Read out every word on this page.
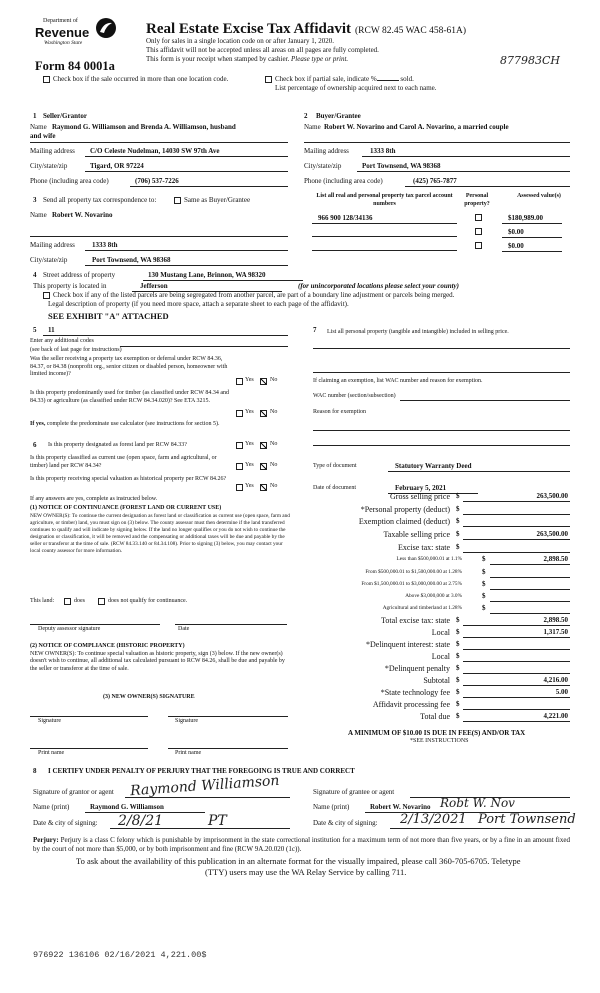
Department of
Revenue
Washington State
Form 84 0001a
Real Estate Excise Tax Affidavit (RCW 82.45 WAC 458-61A)
Only for sales in a single location code on or after January 1, 2020.
This affidavit will not be accepted unless all areas on all pages are fully completed.
This form is your receipt when stamped by cashier. Please type or print.	877983CH
Check box if the sale occurred in more than one location code.	Check box if partial sale, indicate %	sold.
List percentage of ownership acquired next to each name.
1 Seller/Grantor
Name Raymond G. Williamson and Brenda A. Williamson, husband
and wife
Mailing address C/O Celeste Nudelman, 14030 SW 97th Ave
City/state/zip	Tigard, OR 97224
Phone (including area code)	(706) 537-7226
2 Buyer/Grantee
Name Robert W. Novarino and Carol A. Novarino, a married couple
Mailing address	1333 8th
City/state/zip	Port Townsend, WA 98368
Phone (including area code)	(425) 765-7877
3 Send all property tax correspondence to:	Same as Buyer/Grantee
Name Robert W. Novarino
Mailing address 1333 8th
City/state/zip	Port Townsend, WA 98368
List all real and personal property tax parcel account numbers
Personal property?
Assessed value(s)
966 900 128/34136	$180,989.00
$0.00
$0.00
4 Street address of property	130 Mustang Lane, Brinnon, WA 98320
This property is located in	Jefferson	(for unincorporated locations please select your county)
Check box if any of the listed parcels are being segregated from another parcel, are part of a boundary line adjustment or parcels being merged.
Legal description of property (if you need more space, attach a separate sheet to each page of the affidavit).
SEE EXHIBIT "A" ATTACHED
5 11
Enter any additional codes
(see back of last page for instructions)
Was the seller receiving a property tax exemption or deferral under RCW 84.36, 84.37, or 84.38 (nonprofit org., senior citizen or disabled person, homeowner with limited income)?
Yes	No
Is this property predominantly used for timber (as classified under RCW 84.34 and 84.33) or agriculture (as classified under RCW 84.34.020)? See ETA 3215.
Yes	No
If yes, complete the predominate use calculator (see instructions for section 5).
6 Is this property designated as forest land per RCW 84.33?	Yes	No
Is this property classified as current use (open space, farm and agricultural, or timber) land per RCW 84.34?	Yes	No
Is this property receiving special valuation as historical property per RCW 84.26?
Yes	No
If any answers are yes, complete as instructed below.
(1) NOTICE OF CONTINUANCE (FOREST LAND OR CURRENT USE)
NEW OWNER(S): To continue the current designation as forest land or classification as current use (open space, farm and agriculture, or timber) land, you must sign on (3) below. The county assessor must then determine if the land transferred continues to qualify and will indicate by signing below. If the land no longer qualifies or you do not wish to continue the designation or classification, it will be removed and the compensating or additional taxes will be due and payable by the seller or transferor at the time of sale. (RCW 84.33.140 or 84.34.108). Prior to signing (3) below, you may contact your local county assessor for more information.
This land:	does	does not qualify for continuance.
Deputy assessor signature	Date
(2) NOTICE OF COMPLIANCE (HISTORIC PROPERTY)
NEW OWNER(S): To continue special valuation as historic property, sign (3) below. If the new owner(s) doesn't wish to continue, all additional tax calculated pursuant to RCW 84.26, shall be due and payable by the seller or transferor at the time of sale.
(3) NEW OWNER(S) SIGNATURE
Signature	Signature
Print name	Print name
7	List all personal property (tangible and intangible) included in selling price.
If claiming an exemption, list WAC number and reason for exemption.
WAC number (section/subsection)
Reason for exemption
Type of document	Statutory Warranty Deed
Date of document	February 5, 2021
Gross selling price $	263,500.00
*Personal property (deduct) $
Exemption claimed (deduct) $
Taxable selling price $	263,500.00
Excise tax: state $
Less than $500,000.01 at 1.1%	$	2,898.50
From $500,000.01 to $1,500,000.00 at 1.28%	$
From $1,500,000.01 to $3,000,000.00 at 2.75%	$
Above $3,000,000 at 3.0%	$
Agricultural and timberland at 1.28%	$
Total excise tax: state $	2,898.50
Local $	1,317.50
*Delinquent interest: state $
Local $
*Delinquent penalty $
Subtotal $	4,216.00
*State technology fee $	5.00
Affidavit processing fee $
Total due $	4,221.00
A MINIMUM OF $10.00 IS DUE IN FEE(S) AND/OR TAX
*SEE INSTRUCTIONS
8 I CERTIFY UNDER PENALTY OF PERJURY THAT THE FOREGOING IS TRUE AND CORRECT
Signature of grantor or agent Raymond Williamson
Name (print)	Raymond G. Williamson
Date & city of signing: 2/8/21	PT
Signature of grantee or agent
Name (print)	Robert W. Novarino Robt W. Nov
Date & city of signing: 2/13/2021 Port Townsend
Perjury: Perjury is a class C felony which is punishable by imprisonment in the state correctional institution for a maximum term of not more than five years, or by a fine in an amount fixed by the court of not more than $5,000, or by both imprisonment and fine (RCW 9A.20.020 (1c)).
To ask about the availability of this publication in an alternate format for the visually impaired, please call 360-705-6705. Teletype
(TTY) users may use the WA Relay Service by calling 711.
976922 136106 02/16/2021 4,221.00$
